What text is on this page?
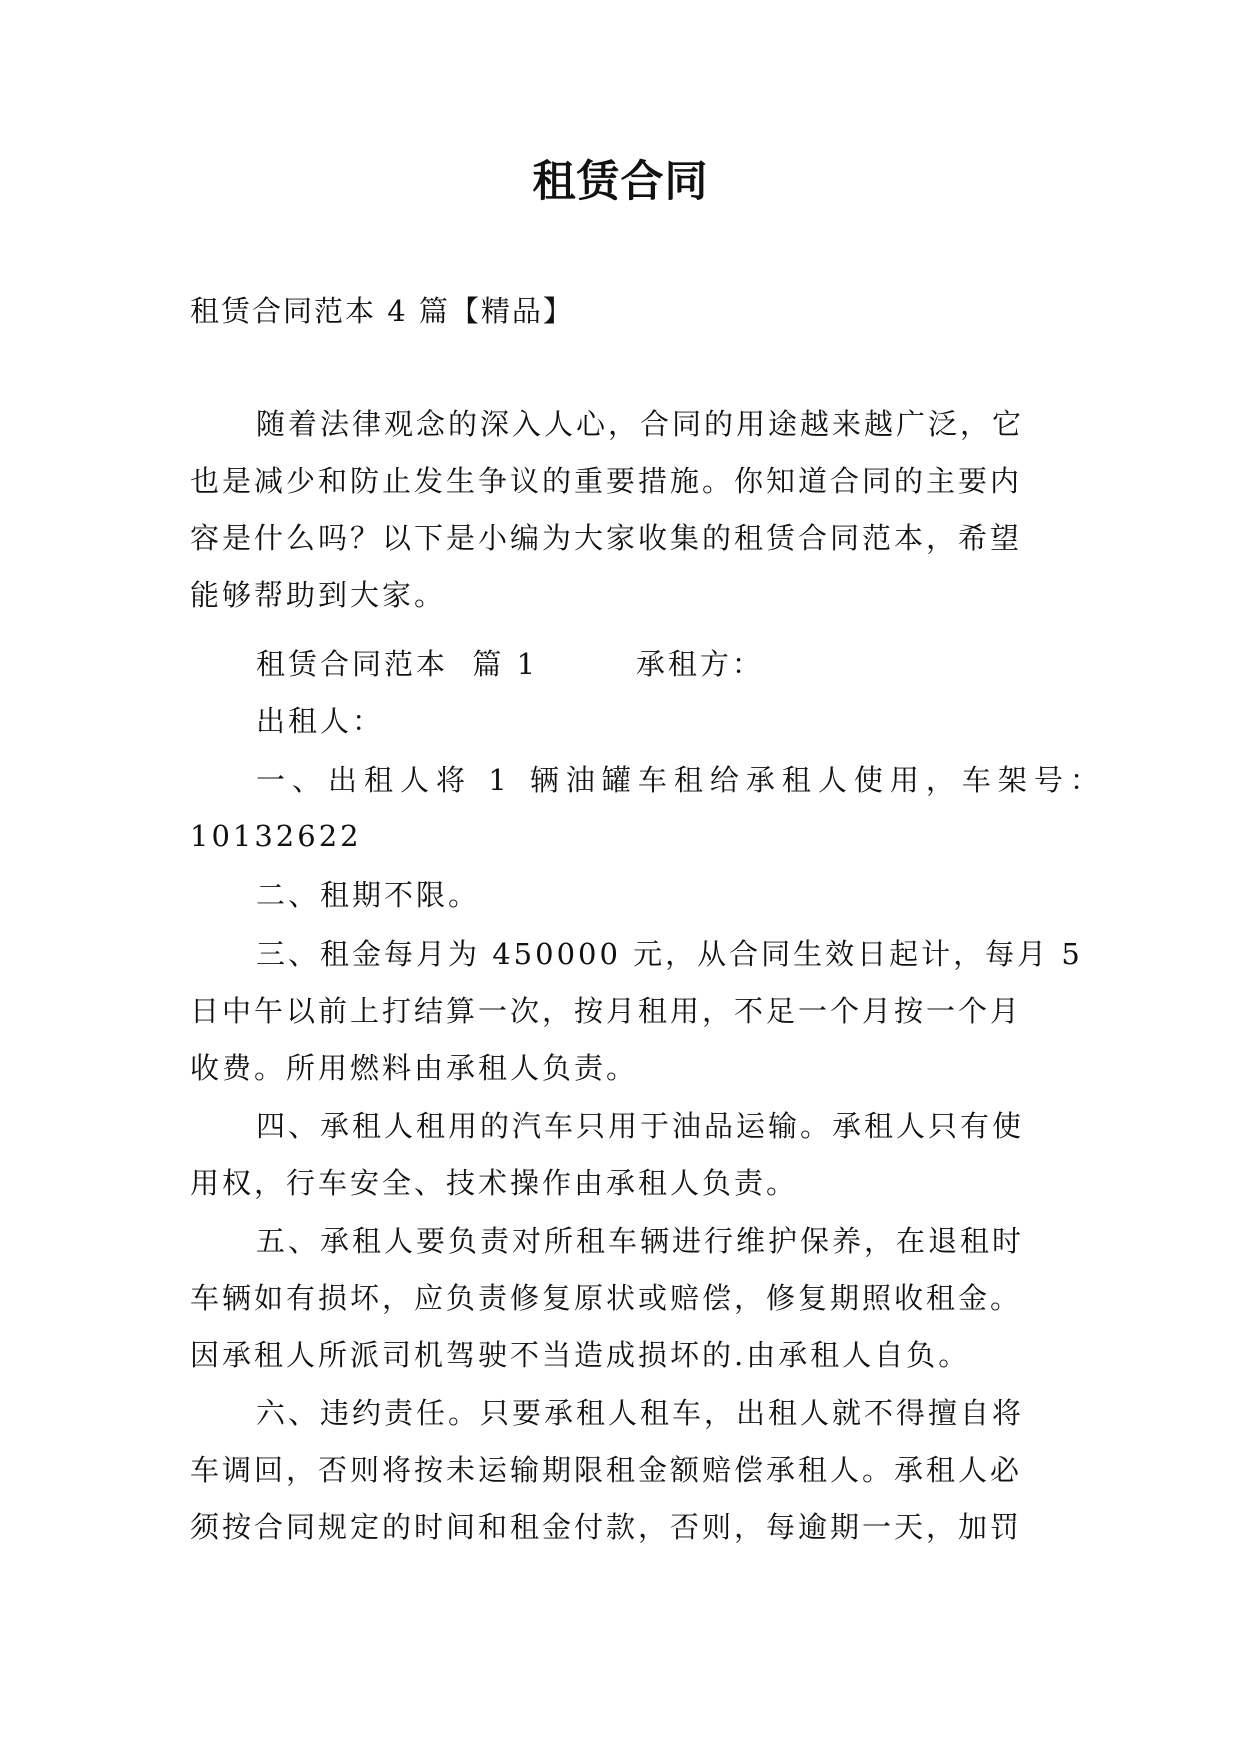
租赁合同
租赁合同范本 4 篇【精品】
随着法律观念的深入人心，合同的用途越来越广泛，它
也是减少和防止发生争议的重要措施。你知道合同的主要内
容是什么吗？以下是小编为大家收集的租赁合同范本，希望
能够帮助到大家。
租赁合同范本  篇 1        承租方：
出租人：
一、出租人将 1 辆油罐车租给承租人使用，车架号：
10132622
二、租期不限。
三、租金每月为 450000 元，从合同生效日起计，每月 5
日中午以前上打结算一次，按月租用，不足一个月按一个月
收费。所用燃料由承租人负责。
四、承租人租用的汽车只用于油品运输。承租人只有使
用权，行车安全、技术操作由承租人负责。
五、承租人要负责对所租车辆进行维护保养，在退租时
车辆如有损坏，应负责修复原状或赔偿，修复期照收租金。
因承租人所派司机驾驶不当造成损坏的.由承租人自负。
六、违约责任。只要承租人租车，出租人就不得擅自将
车调回，否则将按未运输期限租金额赔偿承租人。承租人必
须按合同规定的时间和租金付款，否则，每逾期一天，加罚
